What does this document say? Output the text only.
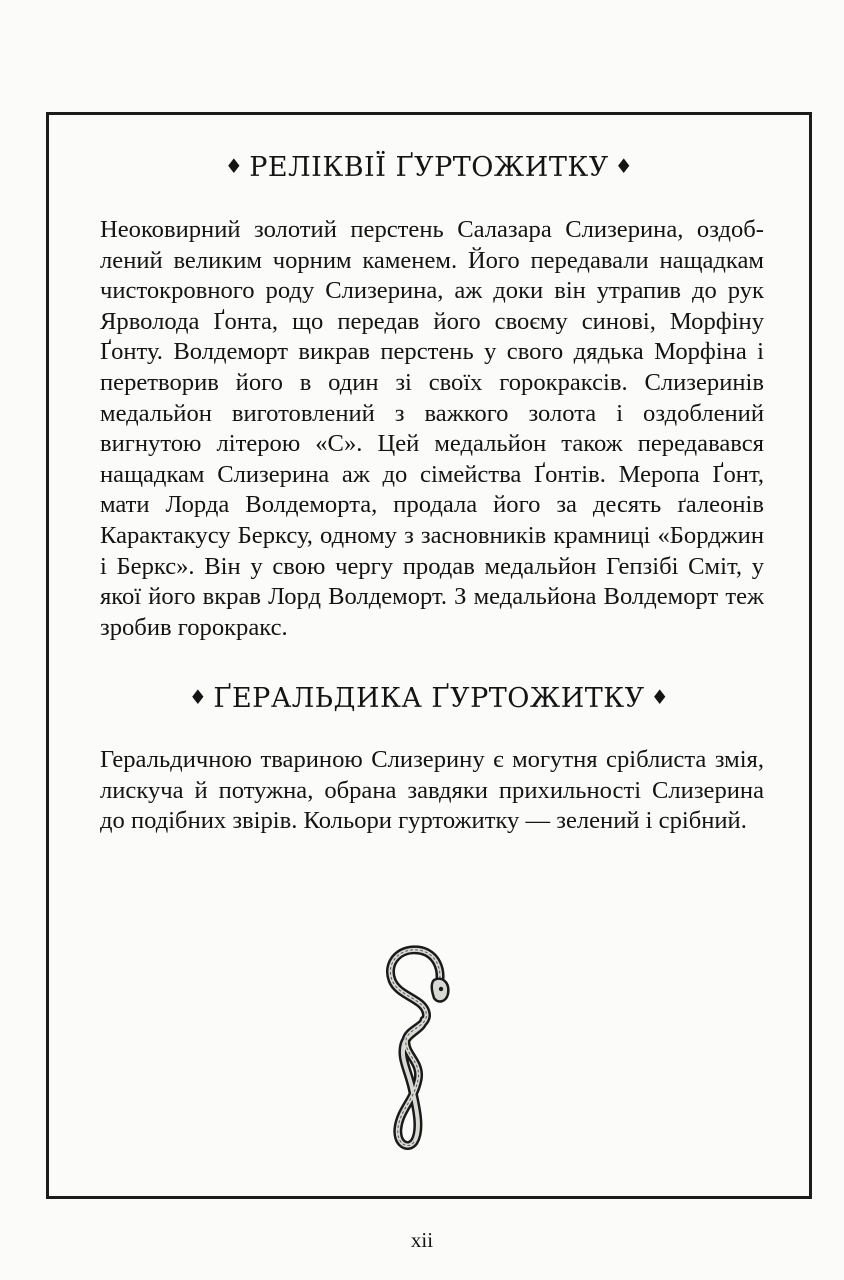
♦ РЕЛІКВІЇ ҐУРТОЖИТКУ ♦

Неоковирний золотий перстень Салазара Слизерина, оздоблений великим чорним каменем. Його передавали нащадкам чистокровного роду Слизерина, аж доки він утрапив до рук Ярволода Ґонта, що передав його своєму синові, Морфіну Ґонту. Волдеморт викрав перстень у свого дядька Морфіна і перетворив його в один зі своїх горокраксів. Слизеринів медальйон виготовлений з важкого золота і оздоблений вигнутою літерою «С». Цей медальйон також передавався нащадкам Слизерина аж до сімейства Ґонтів. Меропа Ґонт, мати Лорда Волдеморта, продала його за десять ґалеонів Карактакусу Берксу, одному з засновників крамниці «Борджин і Беркс». Він у свою чергу продав медальйон Гепзібі Сміт, у якої його вкрав Лорд Волдеморт. З медальйона Волдеморт теж зробив горокракс.

♦ ҐЕРАЛЬДИКА ҐУРТОЖИТКУ ♦

Геральдичною твариною Слизерину є могутня сріблиста змія, лискуча й потужна, обрана завдяки прихильності Слизерина до подібних звірів. Кольори гуртожитку — зелений і срібний.

xii
